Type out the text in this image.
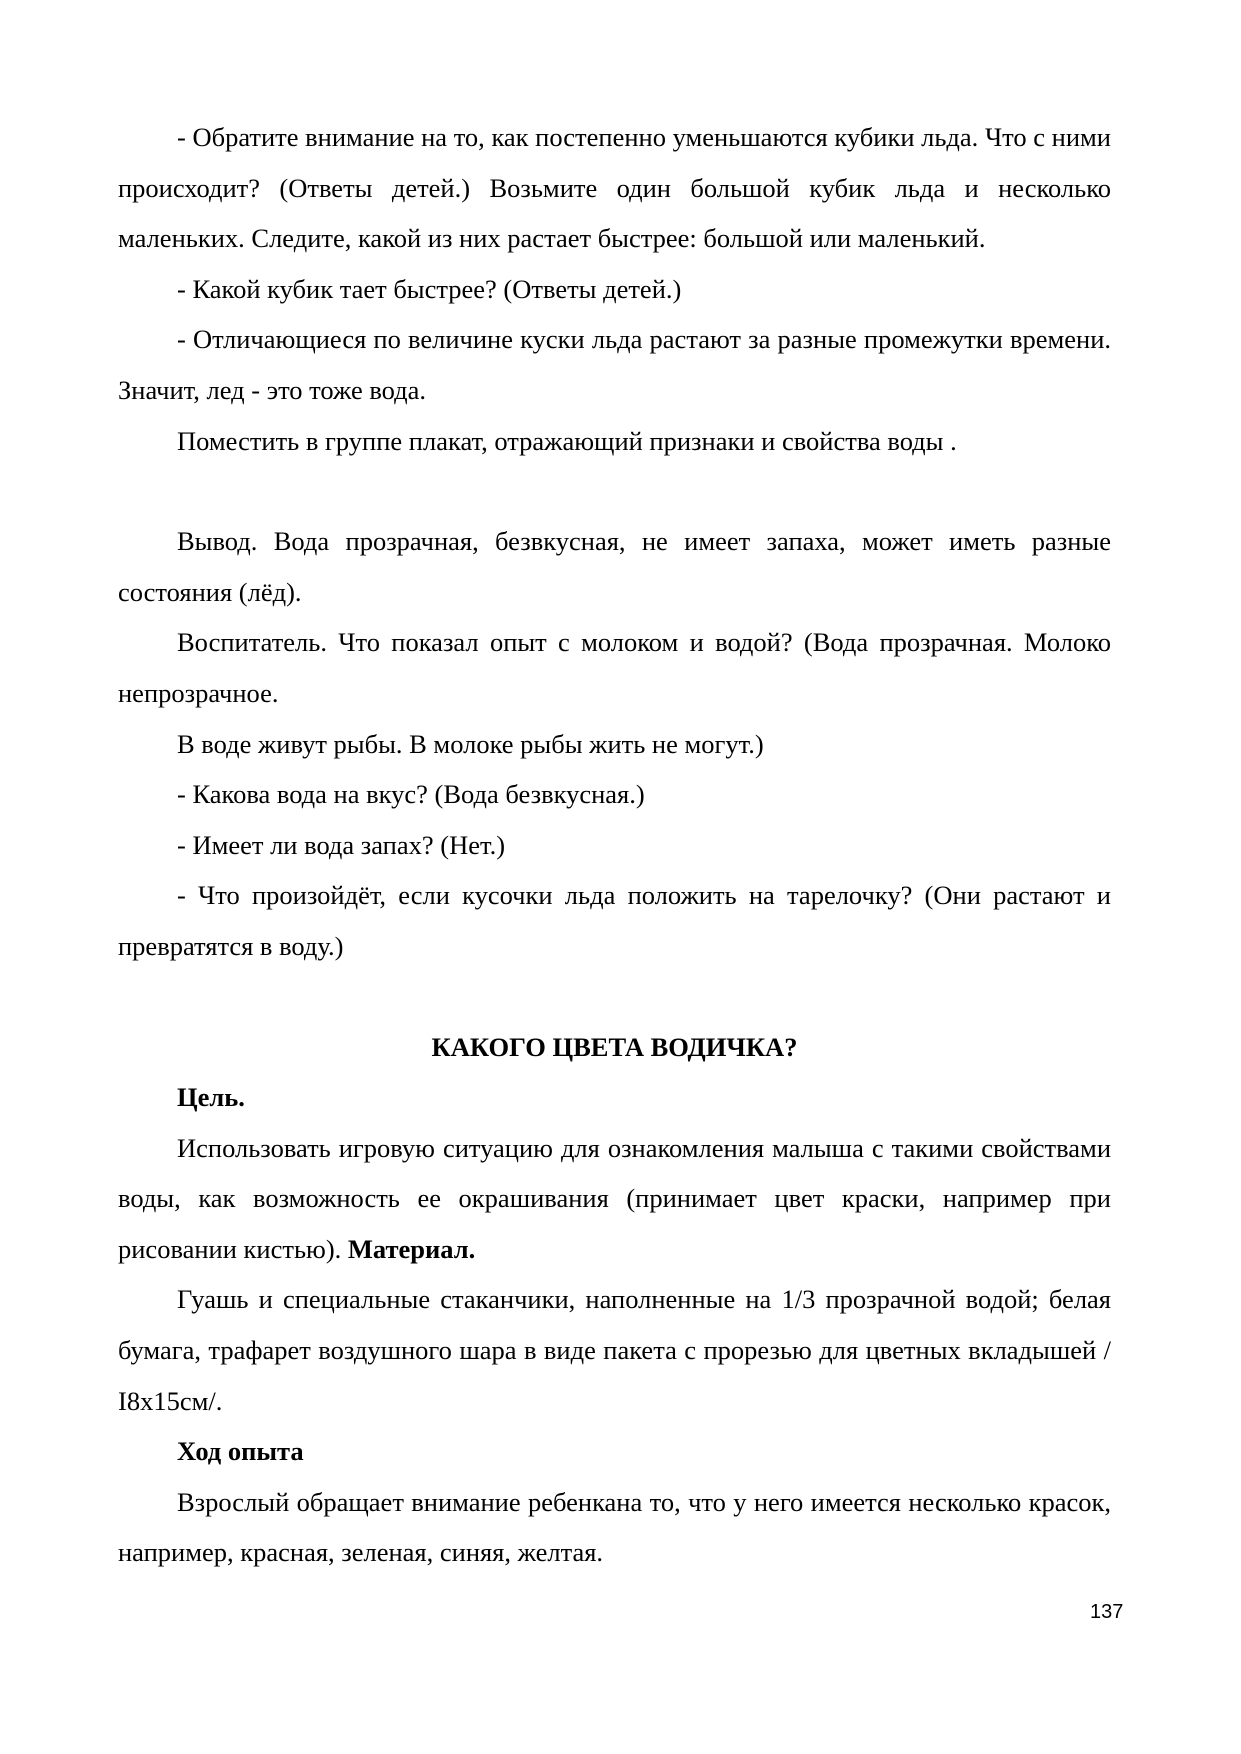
- Обратите внимание на то, как постепенно уменьшаются кубики льда. Что с ними происходит? (Ответы детей.) Возьмите один большой кубик льда и несколько маленьких. Следите, какой из них растает быстрее: большой или маленький.

- Какой кубик тает быстрее? (Ответы детей.)

- Отличающиеся по величине куски льда растают за разные промежутки времени. Значит, лед - это тоже вода.

Поместить в группе плакат, отражающий признаки и свойства воды .

Вывод. Вода прозрачная, безвкусная, не имеет запаха, может иметь разные состояния (лёд).

Воспитатель. Что показал опыт с молоком и водой? (Вода прозрачная. Молоко непрозрачное.

В воде живут рыбы. В молоке рыбы жить не могут.)

- Какова вода на вкус? (Вода безвкусная.)

- Имеет ли вода запах? (Нет.)

- Что произойдёт, если кусочки льда положить на тарелочку? (Они растают и превратятся в воду.)

КАКОГО ЦВЕТА ВОДИЧКА?

Цель.

Использовать игровую ситуацию для ознакомления малыша с такими свойствами воды, как возможность ее окрашивания (принимает цвет краски, например при рисовании кистью). Материал.

Гуашь и специальные стаканчики, наполненные на 1/3 прозрачной водой; белая бумага, трафарет воздушного шара в виде пакета с прорезью для цветных вкладышей / I8x15см/.

Ход опыта

Взрослый обращает внимание ребенкана то, что у него имеется несколько красок, например, красная, зеленая, синяя, желтая.

137
